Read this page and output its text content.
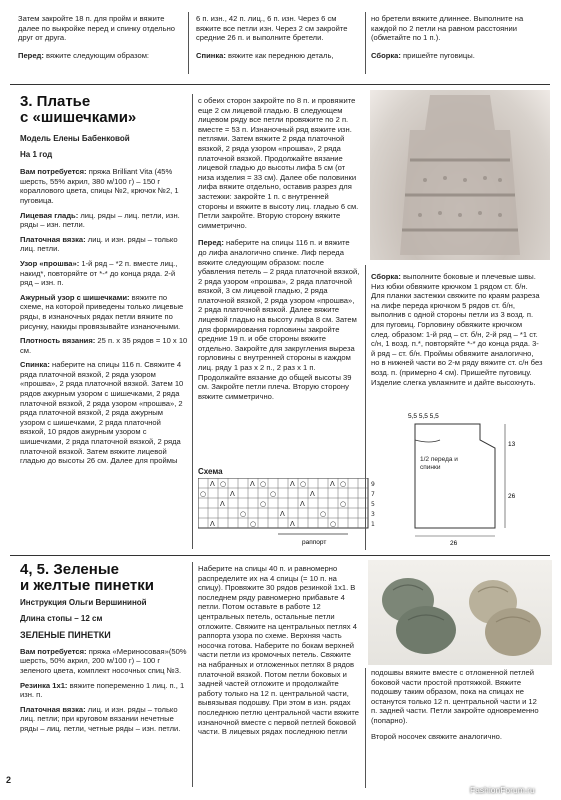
Затем закройте 18 п. для пройм и вяжите далее по выкройке перед и спинку отдельно друг от друга.

Перед: вяжите следующим образом:

6 п. изн., 42 п. лиц., 6 п. изн. Через 6 см вяжите все петли изн. Через 2 см закройте средние 26 п. и выполните бретели.

Спинка: вяжите как переднюю деталь,

но бретели вяжите длиннее. Выполните на каждой по 2 петли на равном расстоянии (обметайте по 1 п.).

Сборка: пришейте пуговицы.

3. Платье
с «шишечками»

Модель Елены Бабенковой

На 1 год

Вам потребуется: пряжа Brilliant Vita (45% шерсть, 55% акрил, 380 м/100 г) – 150 г кораллового цвета, спицы №2, крючок №2, 1 пуговица.

Лицевая гладь: лиц. ряды – лиц. петли, изн. ряды – изн. петли.

Платочная вязка: лиц. и изн. ряды – только лиц. петли.

Узор «прошва»: 1-й ряд – *2 п. вместе лиц., накид*, повторяйте от *-* до конца ряда. 2-й ряд – изн. п.

Ажурный узор с шишечками: вяжите по схеме, на которой приведены только лицевые ряды, в изнаночных рядах петли вяжите по рисунку, накиды провязывайте изнаночными.

Плотность вязания: 25 п. х 35 рядов = 10 х 10 см.

Спинка: наберите на спицы 116 п. Свяжите 4 ряда платочной вязкой, 2 ряда узором «прошва», 2 ряда платочной вязкой. Затем 10 рядов ажурным узором с шишечками, 2 ряда платочной вязкой, 2 ряда узором «прошва», 2 ряда платочной вязкой, 2 ряда ажурным узором с шишечками, 2 ряда платочной вязкой, 10 рядов ажурным узором с шишечками, 2 ряда платочной вязкой, 2 ряда платочной вязкой. Затем вяжите лицевой гладью до высоты 26 см. Далее для проймы

с обеих сторон закройте по 8 п. и провяжите еще 2 см лицевой гладью. В следующем лицевом ряду все петли провяжите по 2 п. вместе = 53 п. Изнаночный ряд вяжите изн. петлями. Затем вяжите 2 ряда платочной вязкой, 2 ряда узором «прошва», 2 ряда платочной вязкой. Продолжайте вязание лицевой гладью до высоты лифа 5 см (от низа изделия = 33 см). Далее обе половинки лифа вяжите отдельно, оставив разрез для застежки: закройте 1 п. с внутренней стороны и вяжите в высоту лиц. гладью 6 см. Петли закройте. Вторую сторону вяжите симметрично.

Перед: наберите на спицы 116 п. и вяжите до лифа аналогично спинке. Лиф переда вяжите следующим образом: после убавления петель – 2 ряда платочной вязкой, 2 ряда узором «прошва», 2 ряда платочной вязкой, 3 см лицевой гладью, 2 ряда платочной вязкой, 2 ряда узором «прошва», 2 ряда платочной вязкой. Далее вяжите лицевой гладью на высоту лифа 8 см. Затем для формирования горловины закройте средние 19 п. и обе стороны вяжите отдельно. Закройте для закругления выреза горловины с внутренней стороны в каждом лиц. ряду 1 раз х 2 п., 2 раз х 1 п. Продолжайте вязание до общей высоты 39 см. Закройте петли плеча. Вторую сторону вяжите симметрично.

Схема
Λ ○	Λ ○	Λ ○	Λ ○
○	Λ	○	Λ
Λ	○	Λ	○
○	Λ	○
Λ	○	Λ	○
9
7
5
3
1
раппорт

Сборка: выполните боковые и плечевые швы. Низ юбки обвяжите крючком 1 рядом ст. б/н. Для планки застежки свяжите по краям разреза на лифе переда крючком 5 рядов ст. б/н, выполнив с одной стороны петли из 3 возд. п. для пуговиц. Горловину обвяжите крючком след. образом: 1-й ряд – ст. б/н, 2-й ряд – *1 ст. с/н, 1 возд. п.*, повторяйте *-* до конца ряда. 3-й ряд – ст. б/н. Проймы обвяжите аналогично, но в нижней части во 2-м ряду вяжите ст. с/н без возд. п. (примерно 4 см). Пришейте пуговицу. Изделие слегка увлажните и дайте высохнуть.

5,5 5,5 5,5
13
26
26
1/2 переда и спинки
4, 5. Зеленые
и желтые пинетки

Инструкция Ольги Вершининой

Длина стопы – 12 см

ЗЕЛЕНЫЕ ПИНЕТКИ

Вам потребуется: пряжа «Мериносовая»(50% шерсть, 50% акрил, 200 м/100 г) – 100 г зеленого цвета, комплект носочных спиц №3.

Резинка 1х1: вяжите попеременно 1 лиц. п., 1 изн. п.

Платочная вязка: лиц. и изн. ряды – только лиц. петли; при круговом вязании нечетные ряды – лиц. петли, четные ряды – изн. петли.

Наберите на спицы 40 п. и равномерно распределите их на 4 спицы (= 10 п. на спицу). Провяжите 30 рядов резинкой 1х1. В последнем ряду равномерно прибавьте 4 петли. Потом оставьте в работе 12 центральных петель, остальные петли отложите. Свяжите на центральных петлях 4 раппорта узора по схеме. Верхняя часть носочка готова. Наберите по бокам верхней части петли из кромочных петель. Свяжите на набранных и отложенных петлях 8 рядов платочной вязкой. Потом петли боковых и задней частей отложите и продолжайте работу только на 12 п. центральной части, вывязывая подошву. При этом в изн. рядах последнюю петлю центральной части вяжите изнаночной вместе с первой петлей боковой части. В лицевых рядах последнюю петли

подошвы вяжите вместе с отложенной петлей боковой части простой протяжкой. Вяжите подошву таким образом, пока на спицах не останутся только 12 п. центральной части и 12 п. задней части. Петли закройте одновременно (попарно).

Второй носочек свяжите аналогично.

2
FashionForum.ru
